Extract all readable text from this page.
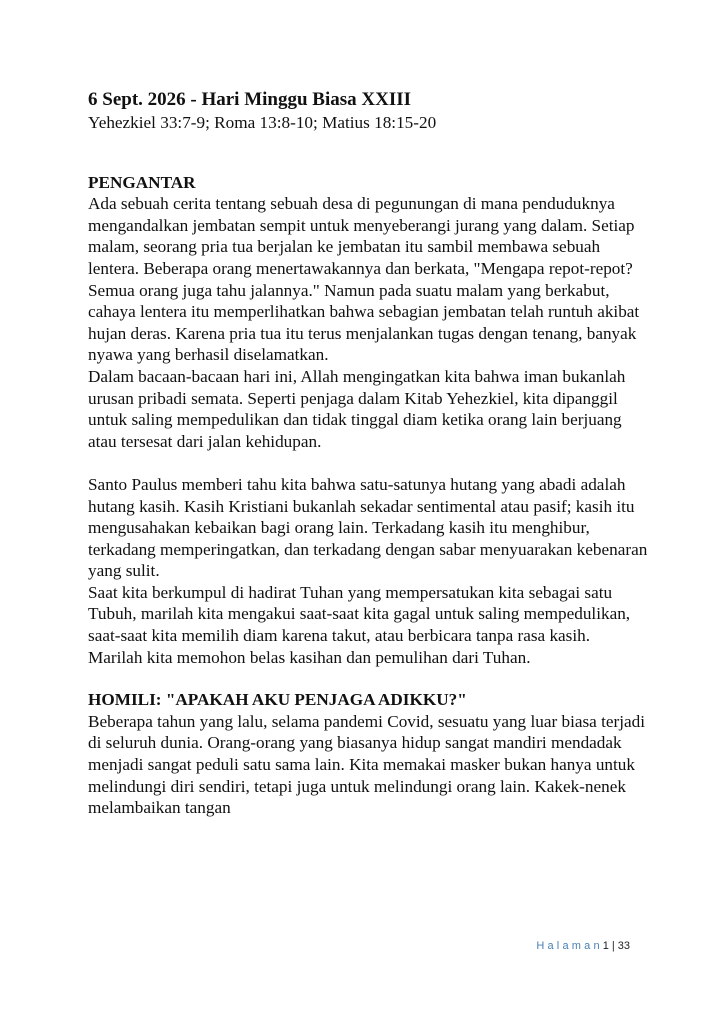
6 Sept. 2026 - Hari Minggu Biasa XXIII

Yehezkiel 33:7-9; Roma 13:8-10; Matius 18:15-20

PENGANTAR

Ada sebuah cerita tentang sebuah desa di pegunungan di mana penduduknya mengandalkan jembatan sempit untuk menyeberangi jurang yang dalam. Setiap malam, seorang pria tua berjalan ke jembatan itu sambil membawa sebuah lentera. Beberapa orang menertawakannya dan berkata, "Mengapa repot-repot? Semua orang juga tahu jalannya." Namun pada suatu malam yang berkabut, cahaya lentera itu memperlihatkan bahwa sebagian jembatan telah runtuh akibat hujan deras. Karena pria tua itu terus menjalankan tugas dengan tenang, banyak nyawa yang berhasil diselamatkan.

Dalam bacaan-bacaan hari ini, Allah mengingatkan kita bahwa iman bukanlah urusan pribadi semata. Seperti penjaga dalam Kitab Yehezkiel, kita dipanggil untuk saling mempedulikan dan tidak tinggal diam ketika orang lain berjuang atau tersesat dari jalan kehidupan.

Santo Paulus memberi tahu kita bahwa satu-satunya hutang yang abadi adalah hutang kasih. Kasih Kristiani bukanlah sekadar sentimental atau pasif; kasih itu mengusahakan kebaikan bagi orang lain. Terkadang kasih itu menghibur, terkadang memperingatkan, dan terkadang dengan sabar menyuarakan kebenaran yang sulit.

Saat kita berkumpul di hadirat Tuhan yang mempersatukan kita sebagai satu Tubuh, marilah kita mengakui saat-saat kita gagal untuk saling mempedulikan, saat-saat kita memilih diam karena takut, atau berbicara tanpa rasa kasih. Marilah kita memohon belas kasihan dan pemulihan dari Tuhan.

HOMILI: "APAKAH AKU PENJAGA ADIKKU?"

Beberapa tahun yang lalu, selama pandemi Covid, sesuatu yang luar biasa terjadi di seluruh dunia. Orang-orang yang biasanya hidup sangat mandiri mendadak menjadi sangat peduli satu sama lain. Kita memakai masker bukan hanya untuk melindungi diri sendiri, tetapi juga untuk melindungi orang lain. Kakek-nenek melambaikan tangan

Halaman1 | 33
